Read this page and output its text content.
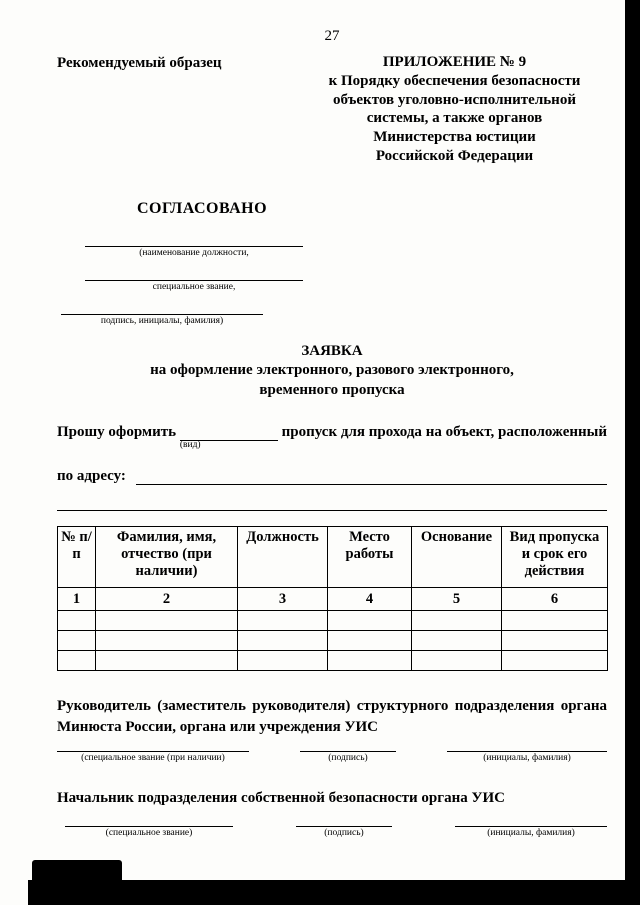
27
Рекомендуемый образец	ПРИЛОЖЕНИЕ № 9
к Порядку обеспечения безопасности
объектов уголовно-исполнительной
системы, а также органов
Министерства юстиции
Российской Федерации
СОГЛАСОВАНО
(наименование должности,
специальное звание,
подпись, инициалы, фамилия)
ЗАЯВКА
на оформление электронного, разового электронного,
временного пропуска
Прошу оформить
(вид)
пропуск для прохода на объект, расположенный
по адресу:
№ п/п	Фамилия, имя, отчество (при наличии)	Должность	Место работы	Основание	Вид пропуска и срок его действия
1	2	3	4	5	6

Руководитель (заместитель руководителя) структурного подразделения органа Минюста России, органа или учреждения УИС
(специальное звание (при наличии)	(подпись)	(инициалы, фамилия)
Начальник подразделения собственной безопасности органа УИС
(специальное звание)	(подпись)	(инициалы, фамилия)
